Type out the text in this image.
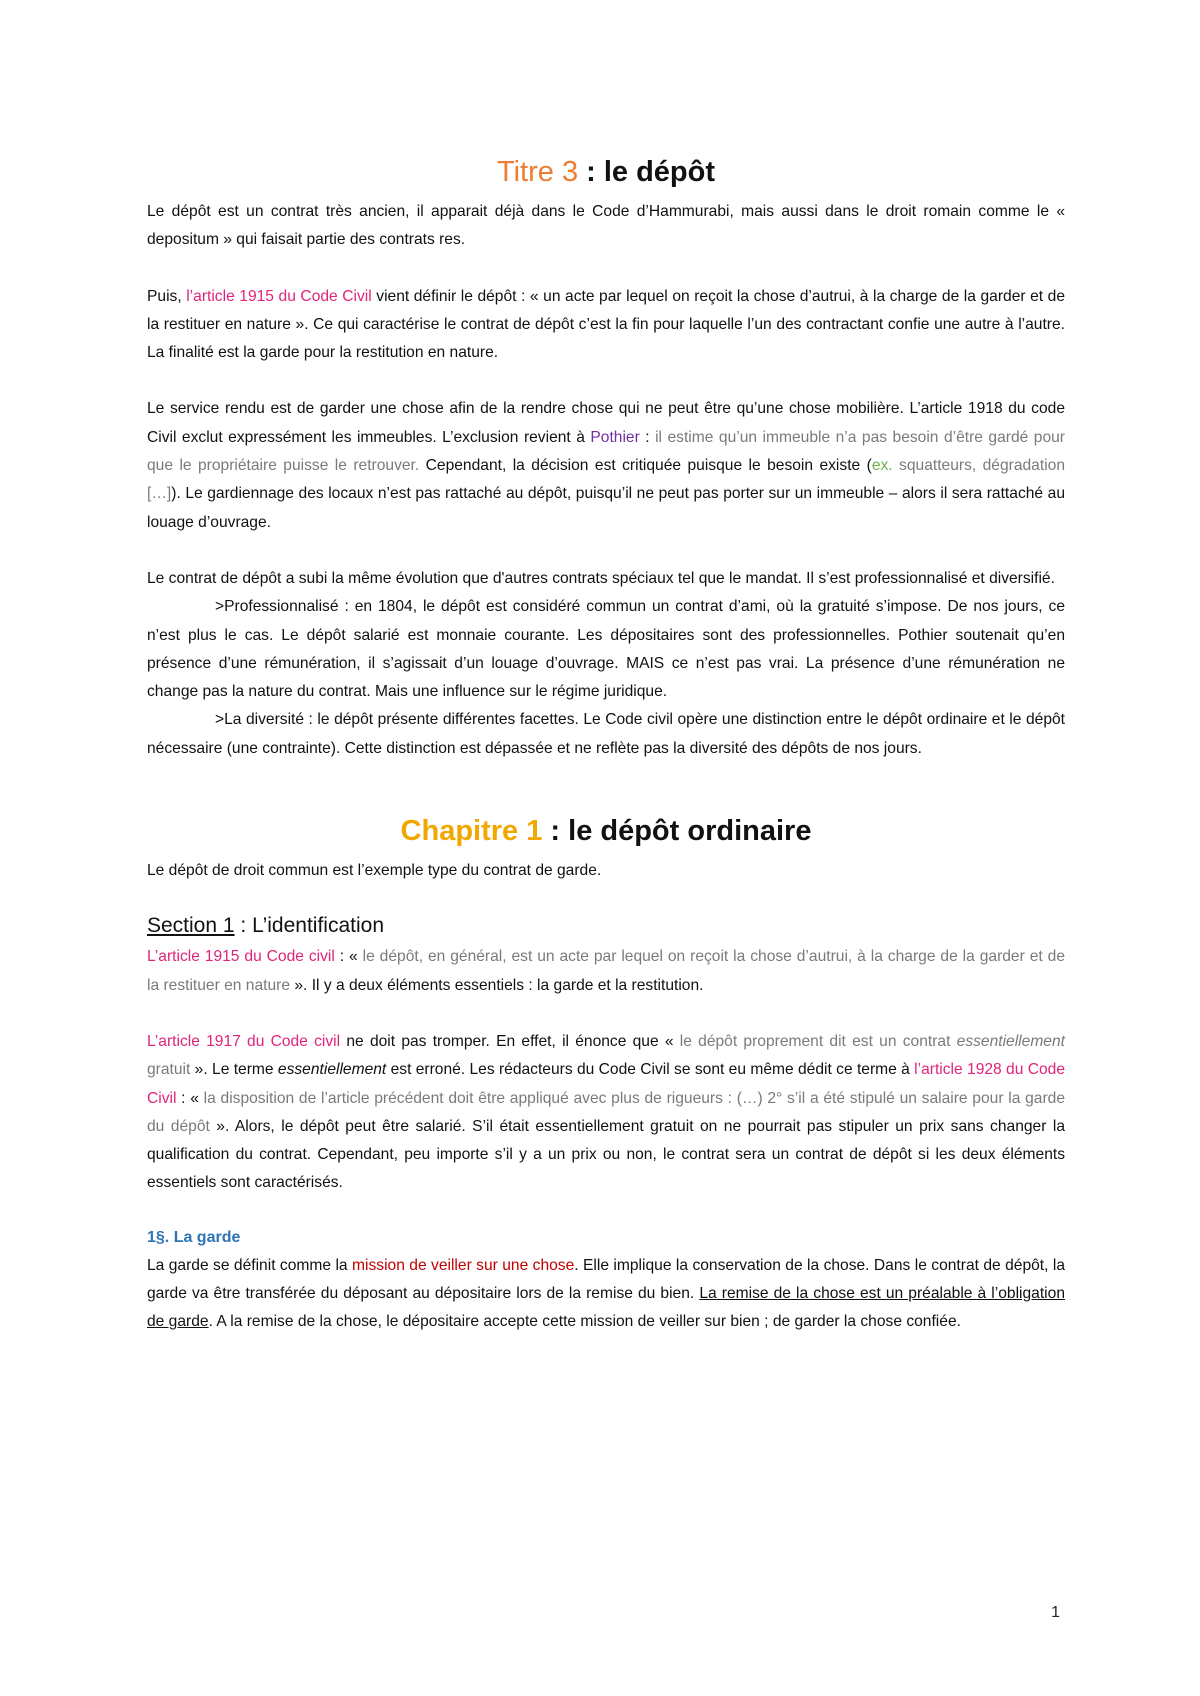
Titre 3 : le dépôt

Le dépôt est un contrat très ancien, il apparait déjà dans le Code d’Hammurabi, mais aussi dans le droit romain comme le « depositum » qui faisait partie des contrats res.

Puis, l’article 1915 du Code Civil vient définir le dépôt : « un acte par lequel on reçoit la chose d’autrui, à la charge de la garder et de la restituer en nature ». Ce qui caractérise le contrat de dépôt c’est la fin pour laquelle l’un des contractant confie une autre à l’autre. La finalité est la garde pour la restitution en nature.

Le service rendu est de garder une chose afin de la rendre chose qui ne peut être qu’une chose mobilière. L’article 1918 du code Civil exclut expressément les immeubles. L’exclusion revient à Pothier : il estime qu’un immeuble n’a pas besoin d’être gardé pour que le propriétaire puisse le retrouver. Cependant, la décision est critiquée puisque le besoin existe (ex. squatteurs, dégradation […]). Le gardiennage des locaux n’est pas rattaché au dépôt, puisqu’il ne peut pas porter sur un immeuble – alors il sera rattaché au louage d’ouvrage.

Le contrat de dépôt a subi la même évolution que d'autres contrats spéciaux tel que le mandat. Il s’est professionnalisé et diversifié.

>Professionnalisé : en 1804, le dépôt est considéré commun un contrat d’ami, où la gratuité s’impose. De nos jours, ce n’est plus le cas. Le dépôt salarié est monnaie courante. Les dépositaires sont des professionnelles. Pothier soutenait qu’en présence d’une rémunération, il s’agissait d’un louage d’ouvrage. MAIS ce n’est pas vrai. La présence d’une rémunération ne change pas la nature du contrat. Mais une influence sur le régime juridique.

>La diversité : le dépôt présente différentes facettes. Le Code civil opère une distinction entre le dépôt ordinaire et le dépôt nécessaire (une contrainte). Cette distinction est dépassée et ne reflète pas la diversité des dépôts de nos jours.

Chapitre 1 : le dépôt ordinaire

Le dépôt de droit commun est l’exemple type du contrat de garde.

Section 1 : L’identification

L’article 1915 du Code civil : « le dépôt, en général, est un acte par lequel on reçoit la chose d’autrui, à la charge de la garder et de la restituer en nature ». Il y a deux éléments essentiels : la garde et la restitution.

L’article 1917 du Code civil ne doit pas tromper. En effet, il énonce que « le dépôt proprement dit est un contrat essentiellement gratuit ». Le terme essentiellement est erroné. Les rédacteurs du Code Civil se sont eu même dédit ce terme à l’article 1928 du Code Civil : « la disposition de l’article précédent doit être appliqué avec plus de rigueurs : (…) 2° s’il a été stipulé un salaire pour la garde du dépôt ». Alors, le dépôt peut être salarié. S’il était essentiellement gratuit on ne pourrait pas stipuler un prix sans changer la qualification du contrat. Cependant, peu importe s’il y a un prix ou non, le contrat sera un contrat de dépôt si les deux éléments essentiels sont caractérisés.

1§. La garde

La garde se définit comme la mission de veiller sur une chose. Elle implique la conservation de la chose. Dans le contrat de dépôt, la garde va être transférée du déposant au dépositaire lors de la remise du bien. La remise de la chose est un préalable à l’obligation de garde. A la remise de la chose, le dépositaire accepte cette mission de veiller sur bien ; de garder la chose confiée.

1
